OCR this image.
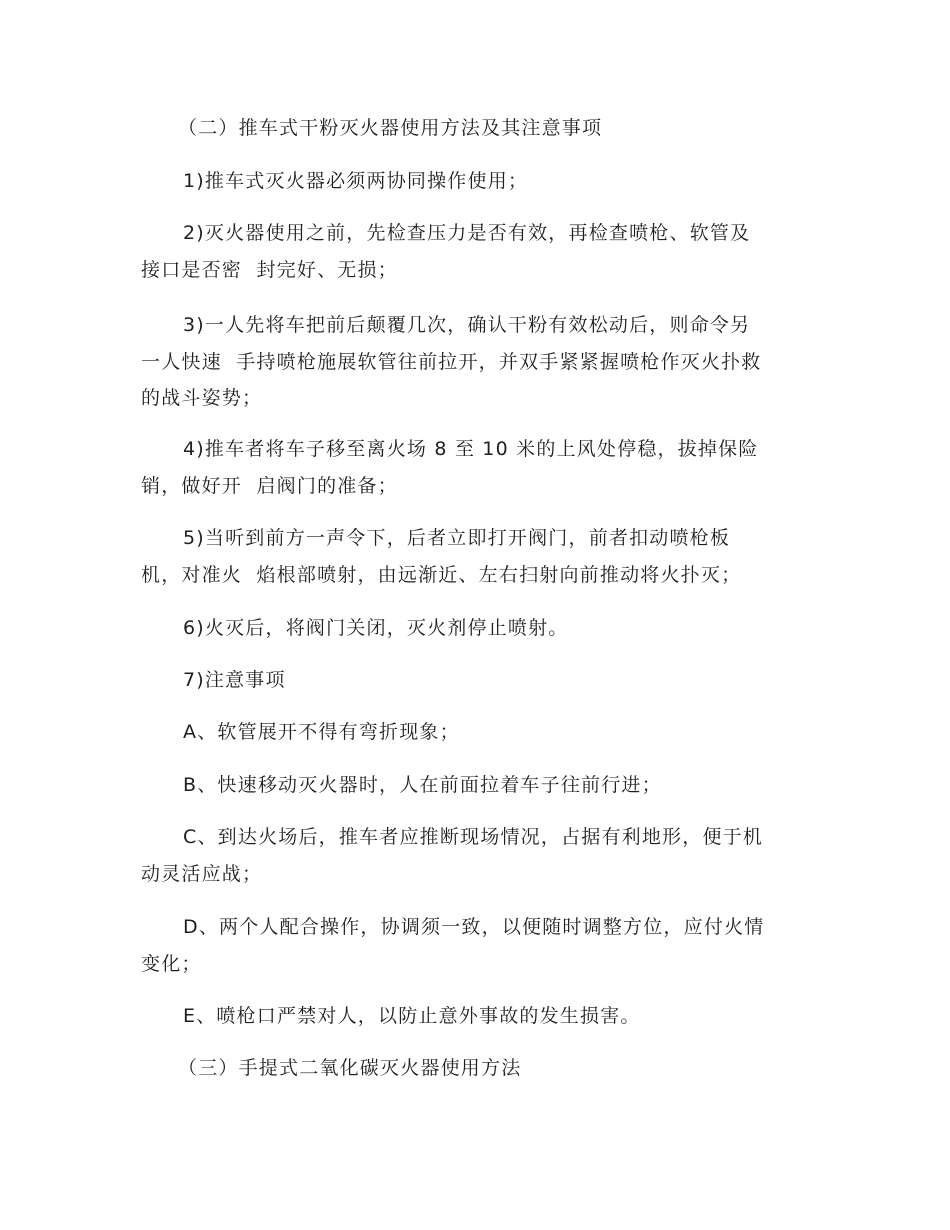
（二）推车式干粉灭火器使用方法及其注意事项
1)推车式灭火器必须两协同操作使用；
2)灭火器使用之前，先检查压力是否有效，再检查喷枪、软管及
接口是否密  封完好、无损；
3)一人先将车把前后颠覆几次，确认干粉有效松动后，则命令另
一人快速  手持喷枪施展软管往前拉开，并双手紧紧握喷枪作灭火扑救
的战斗姿势；
4)推车者将车子移至离火场 8 至 10 米的上风处停稳，拔掉保险
销，做好开  启阀门的准备；
5)当听到前方一声令下，后者立即打开阀门，前者扣动喷枪板
机，对准火  焰根部喷射，由远渐近、左右扫射向前推动将火扑灭；
6)火灭后，将阀门关闭，灭火剂停止喷射。
7)注意事项
A、软管展开不得有弯折现象；
B、快速移动灭火器时，人在前面拉着车子往前行进；
C、到达火场后，推车者应推断现场情况，占据有利地形，便于机
动灵活应战；
D、两个人配合操作，协调须一致，以便随时调整方位，应付火情
变化；
E、喷枪口严禁对人，以防止意外事故的发生损害。
（三）手提式二氧化碳灭火器使用方法
